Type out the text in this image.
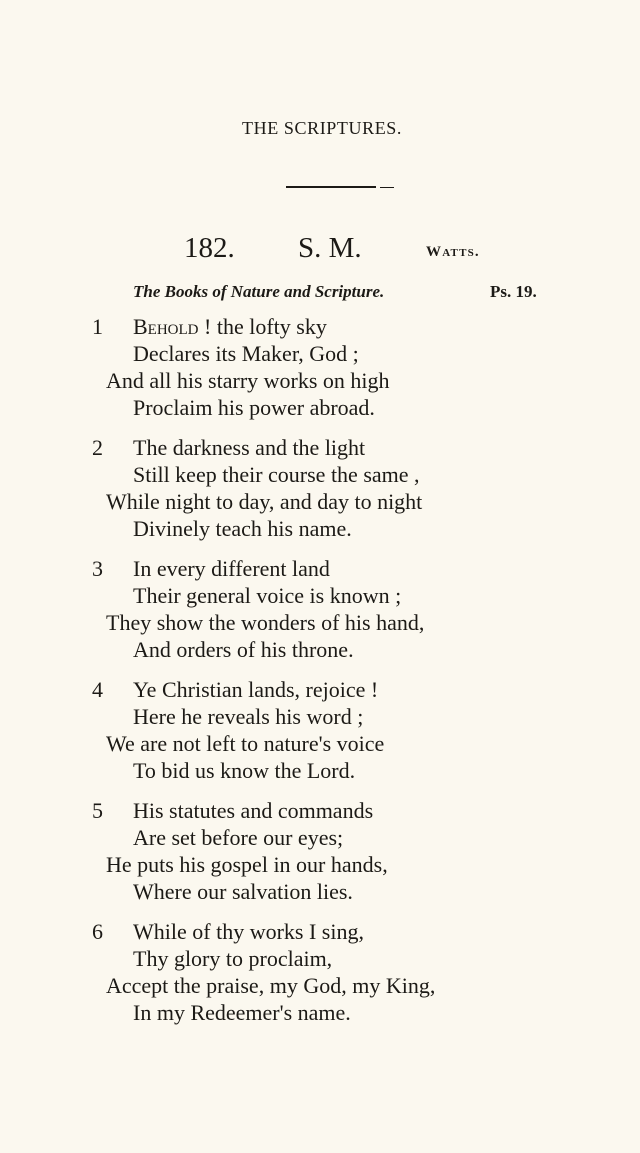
THE SCRIPTURES.
182. S. M.	Watts.
The Books of Nature and Scripture.	Ps. 19.
1 Behold ! the lofty sky
Declares its Maker, God ;
And all his starry works on high
Proclaim his power abroad.
2 The darkness and the light
Still keep their course the same ,
While night to day, and day to night
Divinely teach his name.
3 In every different land
Their general voice is known ;
They show the wonders of his hand,
And orders of his throne.
4 Ye Christian lands, rejoice !
Here he reveals his word ;
We are not left to nature's voice
To bid us know the Lord.
5 His statutes and commands
Are set before our eyes;
He puts his gospel in our hands,
Where our salvation lies.
6 While of thy works I sing,
Thy glory to proclaim,
Accept the praise, my God, my King,
In my Redeemer's name.
